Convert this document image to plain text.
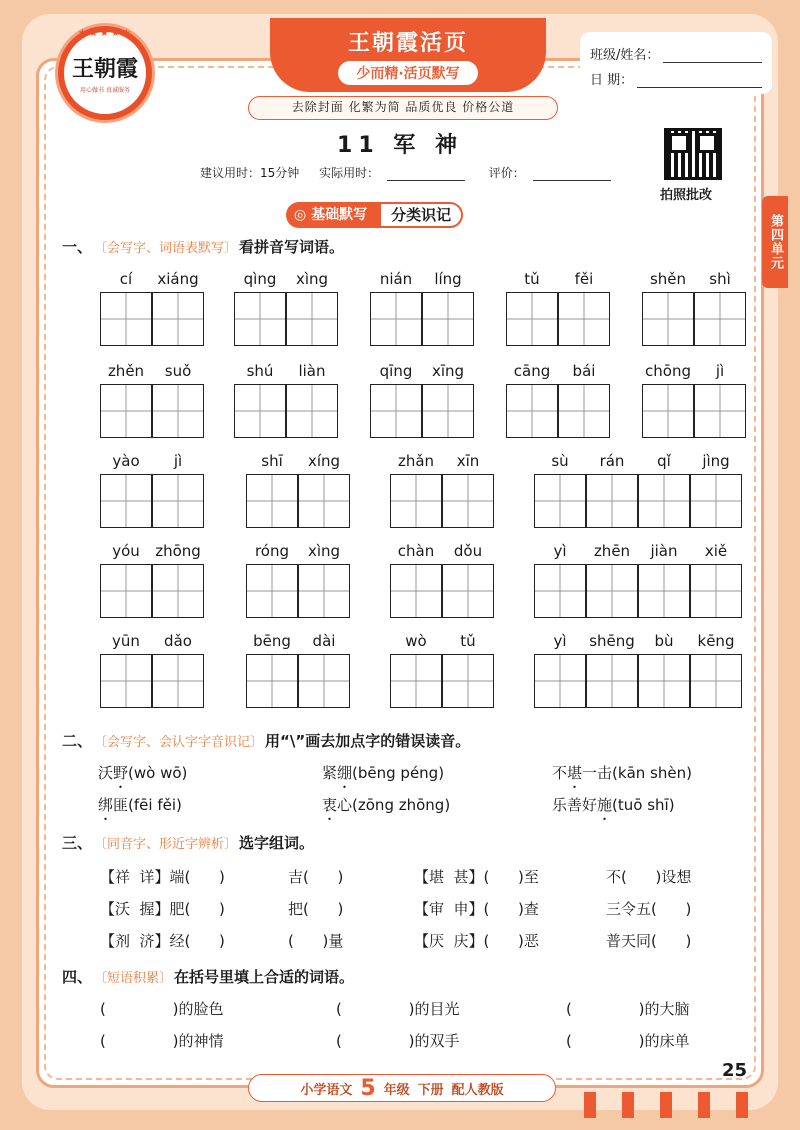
★★★★★
王朝霞
用心做书 真诚服务
王朝霞活页
少而精·活页默写
去除封面 化繁为简 品质优良 价格公道
班级/姓名：
日 期：
11 军 神
建议用时：15分钟
实际用时：
	评价：
拍照批改
第四单元
◎ 基础默写	分类识记
一、 〔会写字、词语表默写〕 看拼音写词语。
cí	xiáng	qìng	xìng	nián	líng	tǔ	fěi	shěn	shì
zhěn	suǒ	shú	liàn	qīng	xīng	cāng	bái	chōng	jì
yào	jì	shī	xíng	zhǎn	xīn	sù	rán	qǐ	jìng
yóu	zhōng	róng	xìng	chàn	dǒu	yì	zhēn	jiàn	xiě
yūn	dǎo	bēng	dài	wò	tǔ	yì	shēng	bù	kēng
二、 〔会写字、会认字字音识记〕 用“\”画去加点字的错误读音。
沃野(wò wō)	紧绷(bēng péng)	不堪一击(kān shèn)
绑匪(fēi fěi)	衷心(zōng zhōng)	乐善好施(tuō shī)
三、 〔同音字、形近字辨析〕 选字组词。
【祥  详】端(      )	吉(      )	【堪  甚】(      )至	不(      )设想
【沃  握】肥(      )	把(      )	【审  申】(      )查	三令五(      )
【剂  济】经(      )	(      )量	【厌  庆】(      )恶	普天同(      )
四、 〔短语积累〕 在括号里填上合适的词语。
(              )的脸色	(              )的目光	(              )的大脑
(              )的神情	(              )的双手	(              )的床单
25
小学语文 5 年级 下册 配人教版
